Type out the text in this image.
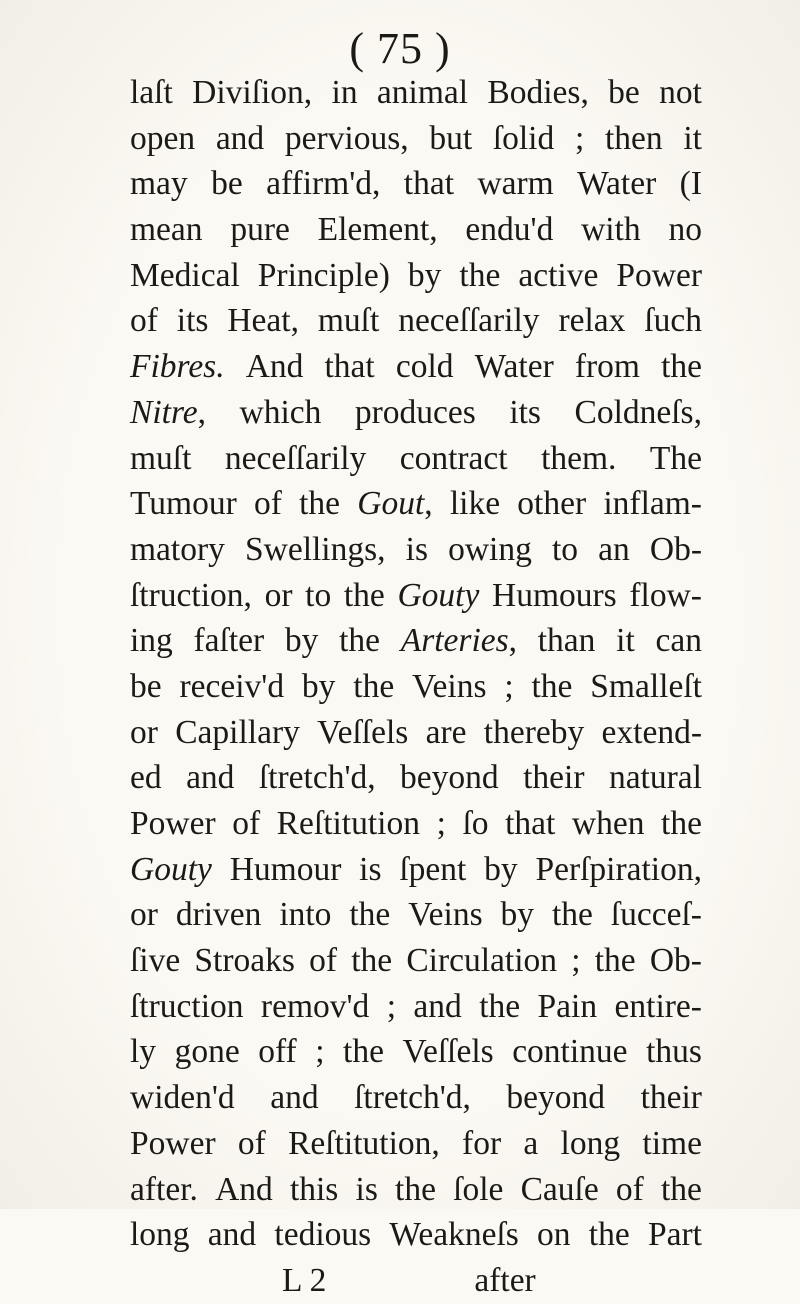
( 75 )
laſt Diviſion, in animal Bodies, be not
open and pervious, but ſolid ; then it
may be affirm'd, that warm Water (I
mean pure Element, endu'd with no
Medical Principle) by the active Power
of its Heat, muſt neceſſarily relax ſuch
Fibres. And that cold Water from the
Nitre, which produces its Coldneſs,
muſt neceſſarily contract them. The
Tumour of the Gout, like other inflam-
matory Swellings, is owing to an Ob-
ſtruction, or to the Gouty Humours flow-
ing faſter by the Arteries, than it can
be receiv'd by the Veins ; the Smalleſt
or Capillary Veſſels are thereby extend-
ed and ſtretch'd, beyond their natural
Power of Reſtitution ; ſo that when the
Gouty Humour is ſpent by Perſpiration,
or driven into the Veins by the ſucceſ-
ſive Stroaks of the Circulation ; the Ob-
ſtruction remov'd ; and the Pain entire-
ly gone off ; the Veſſels continue thus
widen'd and ſtretch'd, beyond their
Power of Reſtitution, for a long time
after. And this is the ſole Cauſe of the
long and tedious Weakneſs on the Part
L 2	after
